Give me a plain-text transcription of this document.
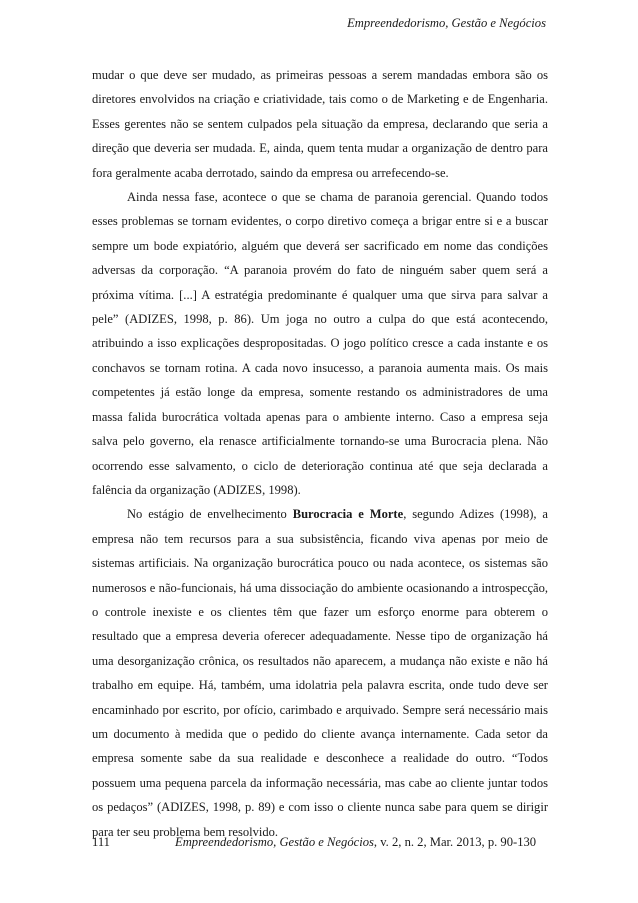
Empreendedorismo, Gestão e Negócios

mudar o que deve ser mudado, as primeiras pessoas a serem mandadas embora são os diretores envolvidos na criação e criatividade, tais como o de Marketing e de Engenharia. Esses gerentes não se sentem culpados pela situação da empresa, declarando que seria a direção que deveria ser mudada. E, ainda, quem tenta mudar a organização de dentro para fora geralmente acaba derrotado, saindo da empresa ou arrefecendo-se.

Ainda nessa fase, acontece o que se chama de paranoia gerencial. Quando todos esses problemas se tornam evidentes, o corpo diretivo começa a brigar entre si e a buscar sempre um bode expiatório, alguém que deverá ser sacrificado em nome das condições adversas da corporação. “A paranoia provém do fato de ninguém saber quem será a próxima vítima. [...] A estratégia predominante é qualquer uma que sirva para salvar a pele” (ADIZES, 1998, p. 86). Um joga no outro a culpa do que está acontecendo, atribuindo a isso explicações despropositadas. O jogo político cresce a cada instante e os conchavos se tornam rotina. A cada novo insucesso, a paranoia aumenta mais. Os mais competentes já estão longe da empresa, somente restando os administradores de uma massa falida burocrática voltada apenas para o ambiente interno. Caso a empresa seja salva pelo governo, ela renasce artificialmente tornando-se uma Burocracia plena. Não ocorrendo esse salvamento, o ciclo de deterioração continua até que seja declarada a falência da organização (ADIZES, 1998).

No estágio de envelhecimento Burocracia e Morte, segundo Adizes (1998), a empresa não tem recursos para a sua subsistência, ficando viva apenas por meio de sistemas artificiais. Na organização burocrática pouco ou nada acontece, os sistemas são numerosos e não-funcionais, há uma dissociação do ambiente ocasionando a introspecção, o controle inexiste e os clientes têm que fazer um esforço enorme para obterem o resultado que a empresa deveria oferecer adequadamente. Nesse tipo de organização há uma desorganização crônica, os resultados não aparecem, a mudança não existe e não há trabalho em equipe. Há, também, uma idolatria pela palavra escrita, onde tudo deve ser encaminhado por escrito, por ofício, carimbado e arquivado. Sempre será necessário mais um documento à medida que o pedido do cliente avança internamente. Cada setor da empresa somente sabe da sua realidade e desconhece a realidade do outro. “Todos possuem uma pequena parcela da informação necessária, mas cabe ao cliente juntar todos os pedaços” (ADIZES, 1998, p. 89) e com isso o cliente nunca sabe para quem se dirigir para ter seu problema bem resolvido.

111	Empreendedorismo, Gestão e Negócios, v. 2, n. 2, Mar. 2013, p. 90-130
